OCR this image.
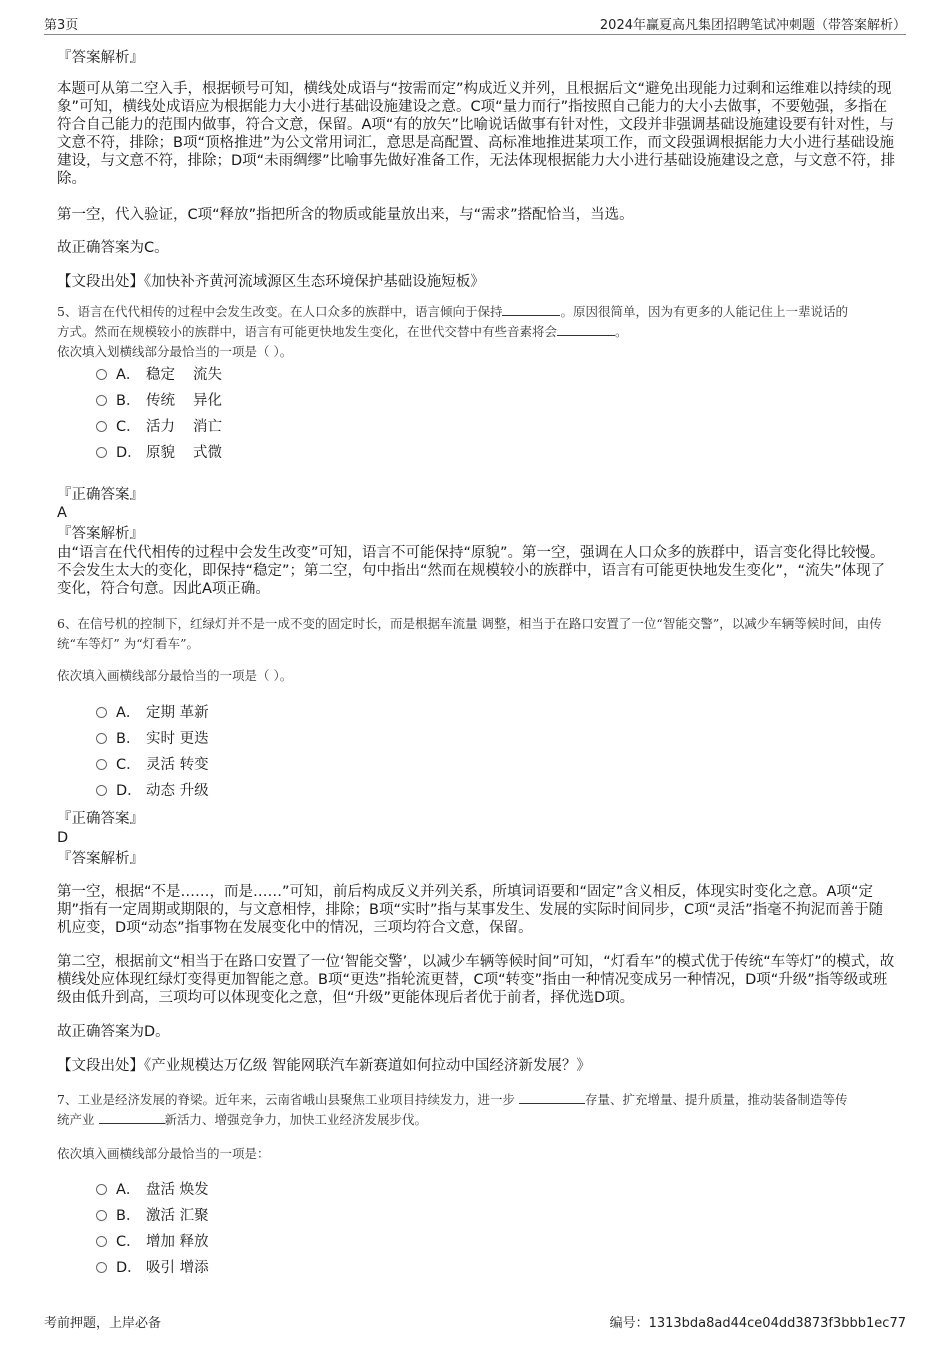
第3页	2024年赢夏高凡集团招聘笔试冲刺题（带答案解析）

『答案解析』

本题可从第二空入手，根据顿号可知，横线处成语与“按需而定”构成近义并列，且根据后文“避免出现能力过剩和运维难以持续的现象”可知，横线处成语应为根据能力大小进行基础设施建设之意。C项“量力而行”指按照自己能力的大小去做事，不要勉强，多指在符合自己能力的范围内做事，符合文意，保留。A项“有的放矢”比喻说话做事有针对性，文段并非强调基础设施建设要有针对性，与文意不符，排除；B项“顶格推进”为公文常用词汇，意思是高配置、高标准地推进某项工作，而文段强调根据能力大小进行基础设施建设，与文意不符，排除；D项“未雨绸缪”比喻事先做好准备工作，无法体现根据能力大小进行基础设施建设之意，与文意不符，排除。

第一空，代入验证，C项“释放”指把所含的物质或能量放出来，与“需求”搭配恰当，当选。

故正确答案为C。

【文段出处】《加快补齐黄河流域源区生态环境保护基础设施短板》

5、语言在代代相传的过程中会发生改变。在人口众多的族群中，语言倾向于保持	。原因很简单，因为有更多的人能记住上一辈说话的
方式。然而在规模较小的族群中，语言有可能更快地发生变化，在世代交替中有些音素将会	。
依次填入划横线部分最恰当的一项是（ ）。
A． 稳定 流失
B． 传统 异化
C． 活力 消亡
D． 原貌 式微

『正确答案』

A

『答案解析』

由“语言在代代相传的过程中会发生改变”可知，语言不可能保持“原貌”。第一空，强调在人口众多的族群中，语言变化得比较慢。不会发生太大的变化，即保持“稳定”；第二空，句中指出“然而在规模较小的族群中，语言有可能更快地发生变化”，“流失”体现了变化，符合句意。因此A项正确。

6、在信号机的控制下，红绿灯并不是一成不变的固定时长，而是根据车流量 调整，相当于在路口安置了一位“智能交警”，以减少车辆等候时间，由传统“车等灯” 为“灯看车”。

依次填入画横线部分最恰当的一项是（ ）。

A． 定期 革新
B． 实时 更迭
C． 灵活 转变
D． 动态 升级

『正确答案』

D

『答案解析』

第一空，根据“不是……，而是……”可知，前后构成反义并列关系，所填词语要和“固定”含义相反，体现实时变化之意。A项“定期”指有一定周期或期限的，与文意相悖，排除；B项“实时”指与某事发生、发展的实际时间同步，C项“灵活”指毫不拘泥而善于随机应变，D项“动态”指事物在发展变化中的情况，三项均符合文意，保留。

第二空，根据前文“相当于在路口安置了一位‘智能交警’，以减少车辆等候时间”可知，“灯看车”的模式优于传统“车等灯”的模式，故横线处应体现红绿灯变得更加智能之意。B项“更迭”指轮流更替，C项“转变”指由一种情况变成另一种情况，D项“升级”指等级或班级由低升到高，三项均可以体现变化之意，但“升级”更能体现后者优于前者，择优选D项。

故正确答案为D。

【文段出处】《产业规模达万亿级 智能网联汽车新赛道如何拉动中国经济新发展？》

7、工业是经济发展的脊梁。近年来，云南省峨山县聚焦工业项目持续发力，进一步	存量、扩充增量、提升质量，推动装备制造等传
统产业	新活力、增强竞争力，加快工业经济发展步伐。

依次填入画横线部分最恰当的一项是：

A． 盘活 焕发
B． 激活 汇聚
C． 增加 释放
D． 吸引 增添
考前押题，上岸必备	编号：1313bda8ad44ce04dd3873f3bbb1ec77
